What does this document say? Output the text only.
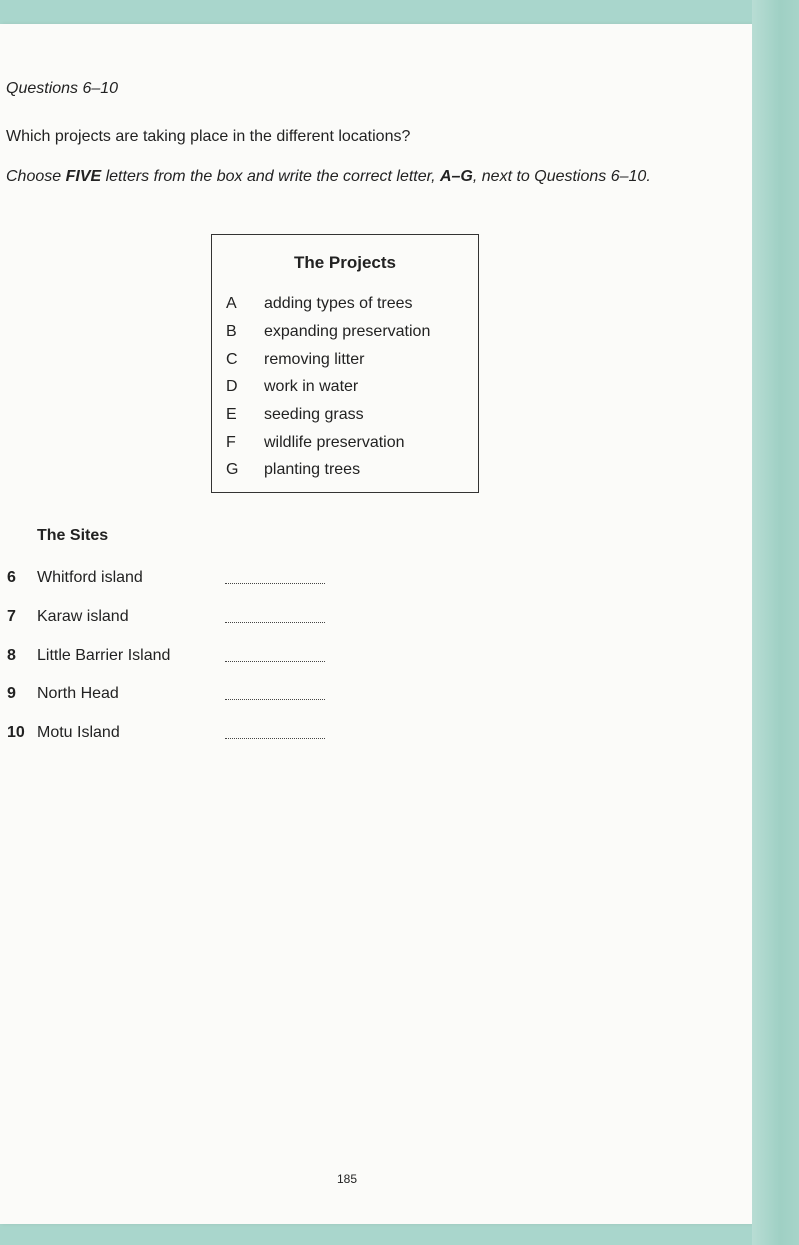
Questions 6–10
Which projects are taking place in the different locations?
Choose FIVE letters from the box and write the correct letter, A–G, next to Questions 6–10.
The Projects
A	adding types of trees
B	expanding preservation
C	removing litter
D	work in water
E	seeding grass
F	wildlife preservation
G	planting trees
The Sites
6 Whitford island
7 Karaw island
8 Little Barrier Island
9 North Head
10 Motu Island
185
